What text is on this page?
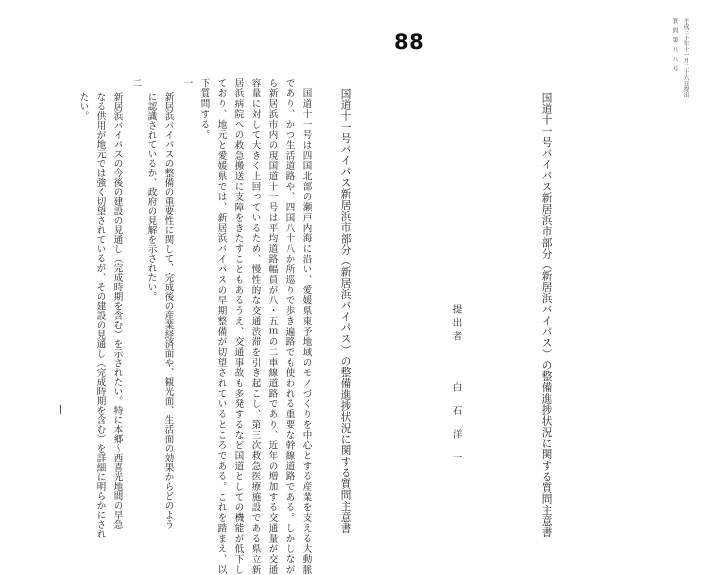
平成三十年十一月二十六日提出
質問第八八号
国道十一号バイパス新居浜市部分（新居浜バイパス）の整備進捗状況に関する質問主意書
提出者
白石洋一
88
国道十一号バイパス新居浜市部分（新居浜バイパス）の整備進捗状況に関する質問主意書
　国道十一号は四国北部の瀬戸内海に沿い、愛媛県東予地域のモノづくりを中心とする産業を支える大動脈
であり、かつ生活道路や、四国八十八か所巡りで歩き遍路でも使われる重要な幹線道路である。しかしなが
ら新居浜市内の現国道十一号は平均道路幅員が八・五ｍの二車線道路であり、近年の増加する交通量が交通
容量に対して大きく上回っているため、慢性的な交通渋滞を引き起こし、第三次救急医療施設である県立新
居浜病院への救急搬送に支障をきたすこともあるうえ、交通事故も多発するなど国道としての機能が低下し
ており、地元と愛媛県では、新居浜バイパスの早期整備が切望されているところである。これを踏まえ、以
下質問する。
一
新居浜バイパスの整備の重要性に関して、完成後の産業経済面や、観光面、生活面の効果からどのよう
に認識されているか、政府の見解を示されたい。
二
新居浜バイパスの今後の建設の見通し（完成時期を含む）を示されたい。特に本郷～西喜光地間の早急
なる供用が地元では強く切望されているが、その建設の見通し（完成時期を含む）を詳細に明らかにされ
たい。
